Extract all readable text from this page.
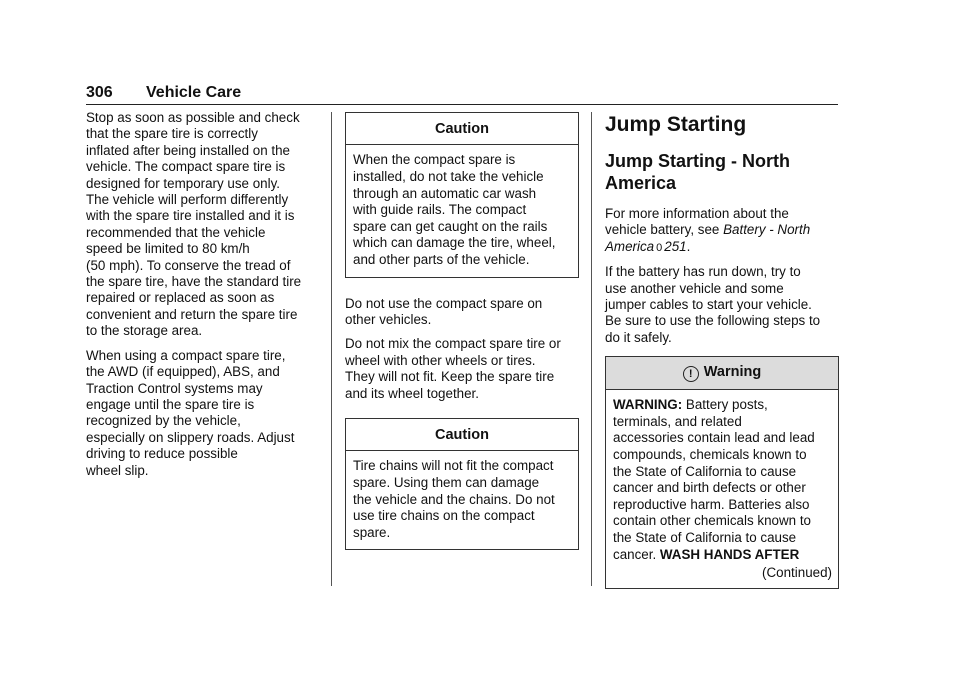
306 Vehicle Care

Stop as soon as possible and check
that the spare tire is correctly
inflated after being installed on the
vehicle. The compact spare tire is
designed for temporary use only.
The vehicle will perform differently
with the spare tire installed and it is
recommended that the vehicle
speed be limited to 80 km/h
(50 mph). To conserve the tread of
the spare tire, have the standard tire
repaired or replaced as soon as
convenient and return the spare tire
to the storage area.

When using a compact spare tire,
the AWD (if equipped), ABS, and
Traction Control systems may
engage until the spare tire is
recognized by the vehicle,
especially on slippery roads. Adjust
driving to reduce possible
wheel slip.

Caution
When the compact spare is
installed, do not take the vehicle
through an automatic car wash
with guide rails. The compact
spare can get caught on the rails
which can damage the tire, wheel,
and other parts of the vehicle.

Do not use the compact spare on
other vehicles.

Do not mix the compact spare tire or
wheel with other wheels or tires.
They will not fit. Keep the spare tire
and its wheel together.

Caution
Tire chains will not fit the compact
spare. Using them can damage
the vehicle and the chains. Do not
use tire chains on the compact
spare.
Jump Starting
Jump Starting - North
America

For more information about the
vehicle battery, see Battery - North
America 0 251.

If the battery has run down, try to
use another vehicle and some
jumper cables to start your vehicle.
Be sure to use the following steps to
do it safely.

! Warning
WARNING: Battery posts,
terminals, and related
accessories contain lead and lead
compounds, chemicals known to
the State of California to cause
cancer and birth defects or other
reproductive harm. Batteries also
contain other chemicals known to
the State of California to cause
cancer. WASH HANDS AFTER
(Continued)
